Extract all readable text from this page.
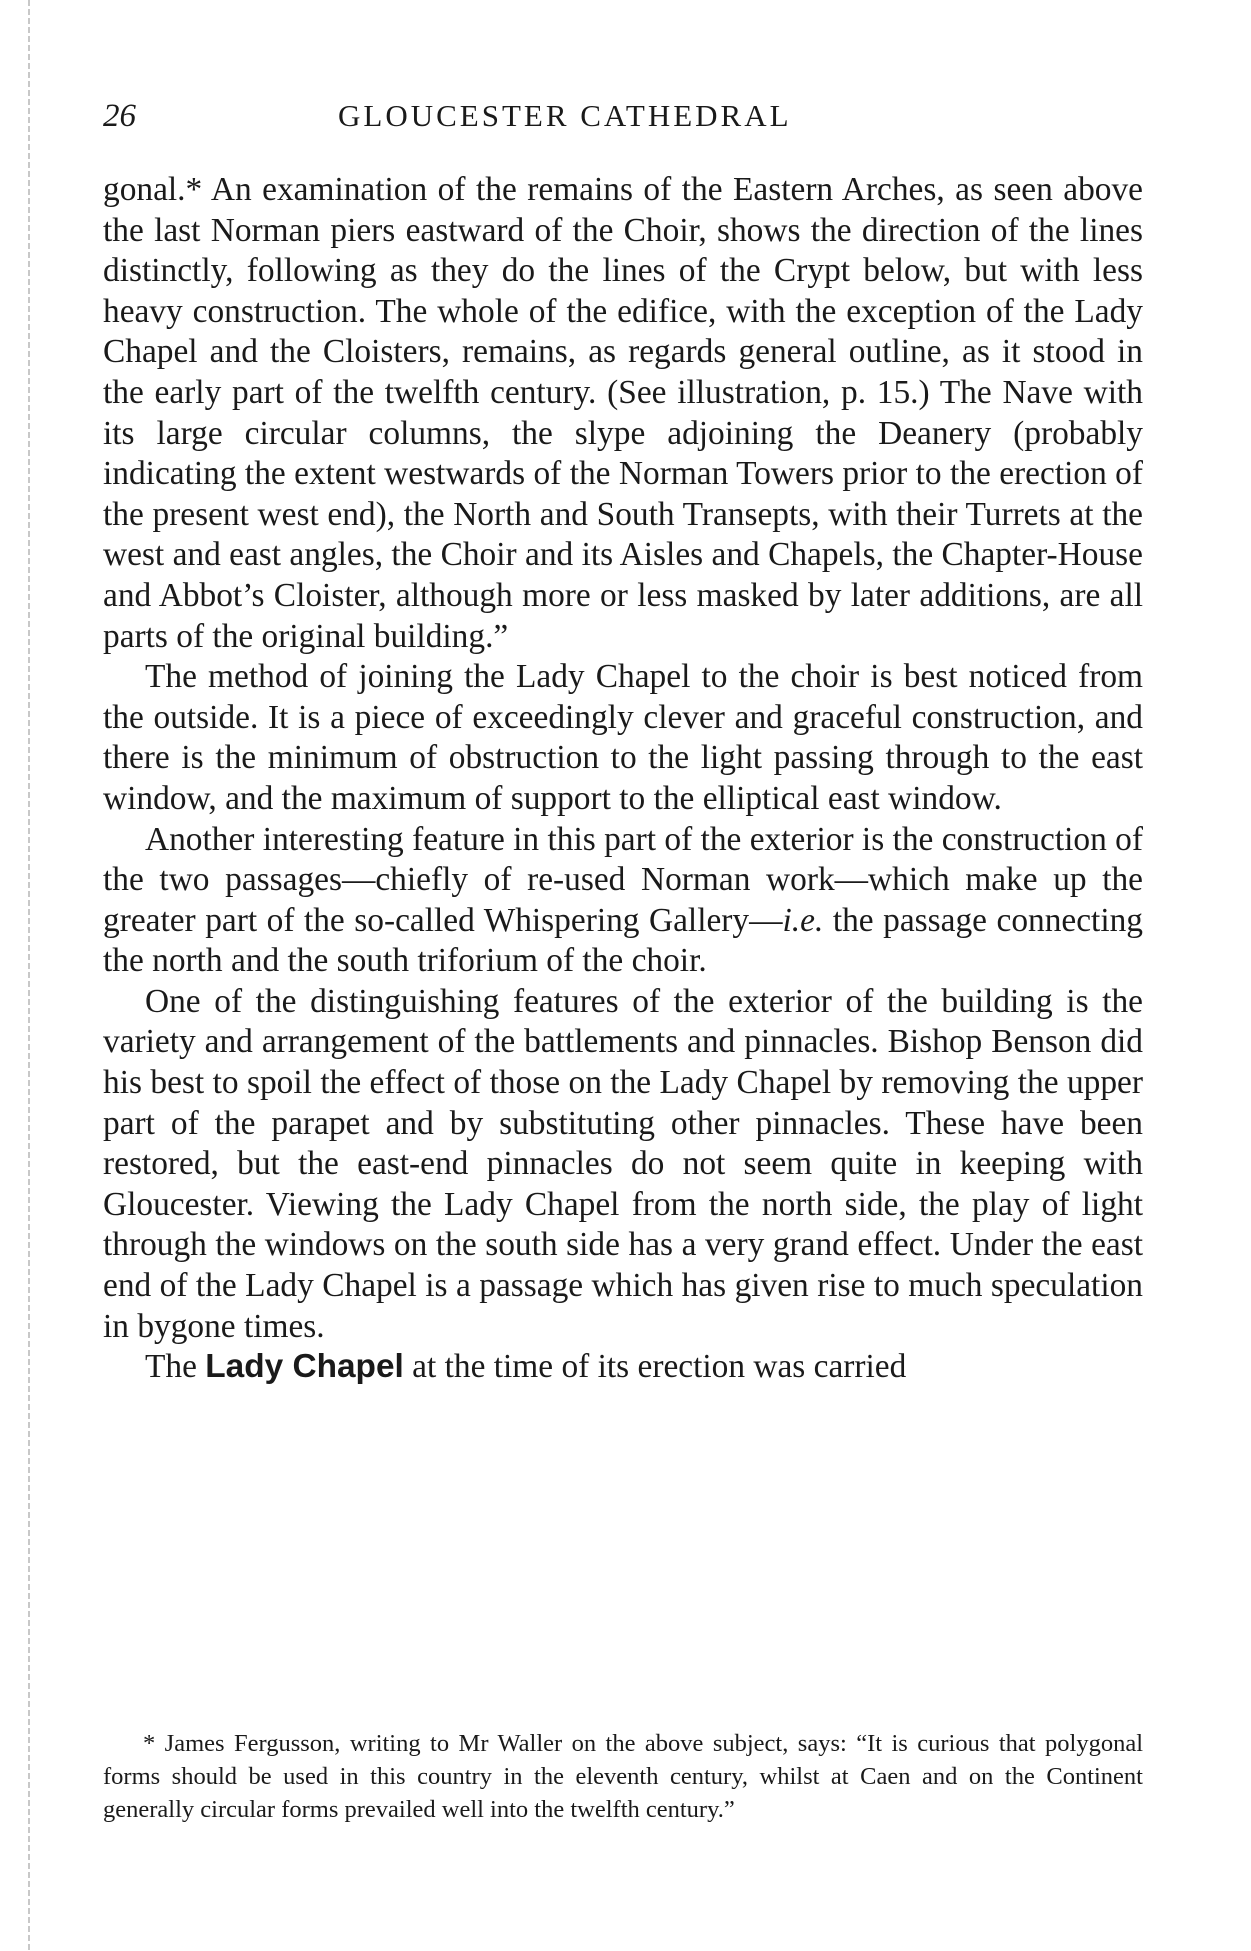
26	GLOUCESTER CATHEDRAL

gonal.* An examination of the remains of the Eastern Arches, as seen above the last Norman piers eastward of the Choir, shows the direction of the lines distinctly, following as they do the lines of the Crypt below, but with less heavy construction. The whole of the edifice, with the exception of the Lady Chapel and the Cloisters, remains, as regards general outline, as it stood in the early part of the twelfth century. (See illustration, p. 15.) The Nave with its large circular columns, the slype adjoining the Deanery (probably indicating the extent westwards of the Norman Towers prior to the erection of the present west end), the North and South Transepts, with their Turrets at the west and east angles, the Choir and its Aisles and Chapels, the Chapter-House and Abbot’s Cloister, although more or less masked by later additions, are all parts of the original building.”

The method of joining the Lady Chapel to the choir is best noticed from the outside. It is a piece of exceedingly clever and graceful construction, and there is the minimum of obstruction to the light passing through to the east window, and the maximum of support to the elliptical east window.

Another interesting feature in this part of the exterior is the construction of the two passages—chiefly of re-used Norman work—which make up the greater part of the so-called Whispering Gallery—i.e. the passage connecting the north and the south triforium of the choir.

One of the distinguishing features of the exterior of the building is the variety and arrangement of the battlements and pinnacles. Bishop Benson did his best to spoil the effect of those on the Lady Chapel by removing the upper part of the parapet and by substituting other pinnacles. These have been restored, but the east-end pinnacles do not seem quite in keeping with Gloucester. Viewing the Lady Chapel from the north side, the play of light through the windows on the south side has a very grand effect. Under the east end of the Lady Chapel is a passage which has given rise to much speculation in bygone times.

The Lady Chapel at the time of its erection was carried

* James Fergusson, writing to Mr Waller on the above subject, says: “It is curious that polygonal forms should be used in this country in the eleventh century, whilst at Caen and on the Continent generally circular forms prevailed well into the twelfth century.”
